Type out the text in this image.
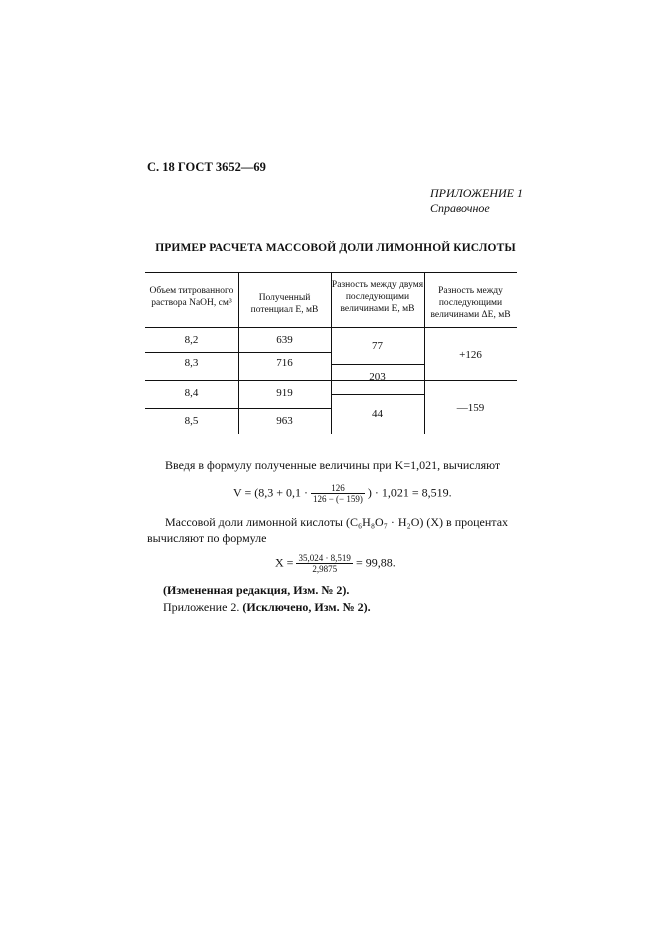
С. 18 ГОСТ 3652—69
ПРИЛОЖЕНИЕ 1
Справочное
ПРИМЕР РАСЧЕТА МАССОВОЙ ДОЛИ ЛИМОННОЙ КИСЛОТЫ
Объем титрованного раствора NaOH, см³	Полученный потенциал E, мВ
Разность между двумя последующими величинами E, мВ
Разность между последующими величинами ΔE, мВ
8,2
8,3
8,4
8,5
639
716
919
963
77
203
44
+126
—159
Введя в формулу полученные величины при K=1,021, вычисляют
$V = (8,3 + 0,1 \cdot \frac{126}{126 - (- 159)}$ ) · 1,021 = 8,519.
Массовой доли лимонной кислоты (C₆H₈O₇ · H₂O) (X) в процентах
вычисляют по формуле
$X = \frac{35,024 \cdot 8,519}{2,9875} = 99,88$.
(Измененная редакция, Изм. № 2).
Приложение 2. (Исключено, Изм. № 2).
